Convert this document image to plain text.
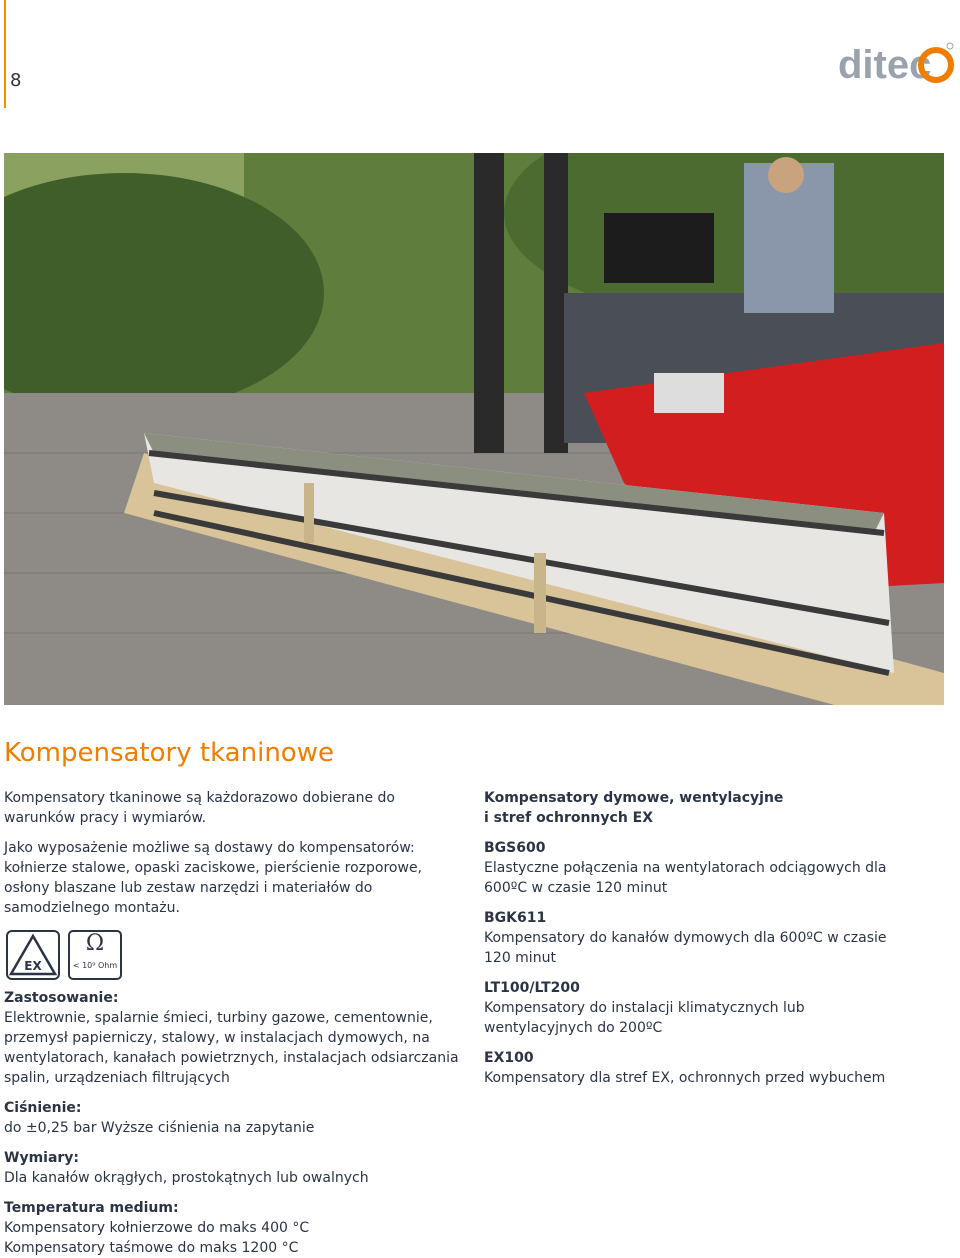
8	ditec
Kompensatory tkaninowe

Kompensatory tkaninowe są każdorazowo dobierane do warunków pracy i wymiarów.

Jako wyposażenie możliwe są dostawy do kompensatorów: kołnierze stalowe, opaski zaciskowe, pierścienie rozporowe, osłony blaszane lub zestaw narzędzi i materiałów do samodzielnego montażu.

EX
Ω
< 10⁹ Ohm

Zastosowanie:

Elektrownie, spalarnie śmieci, turbiny gazowe, cementownie, przemysł papierniczy, stalowy, w instalacjach dymowych, na wentylatorach, kanałach powietrznych, instalacjach odsiarczania spalin, urządzeniach filtrujących

Ciśnienie:

do ±0,25 bar Wyższe ciśnienia na zapytanie

Wymiary:

Dla kanałów okrągłych, prostokątnych lub owalnych

Temperatura medium:

Kompensatory kołnierzowe do maks 400 °C

Kompensatory taśmowe do maks 1200 °C

Kompensatory dymowe, wentylacyjne

i stref ochronnych EX

BGS600

Elastyczne połączenia na wentylatorach odciągowych dla 600ºC w czasie 120 minut

BGK611

Kompensatory do kanałów dymowych dla 600ºC w czasie 120 minut

LT100/LT200

Kompensatory do instalacji klimatycznych lub wentylacyjnych do 200ºC

EX100

Kompensatory dla stref EX, ochronnych przed wybuchem
